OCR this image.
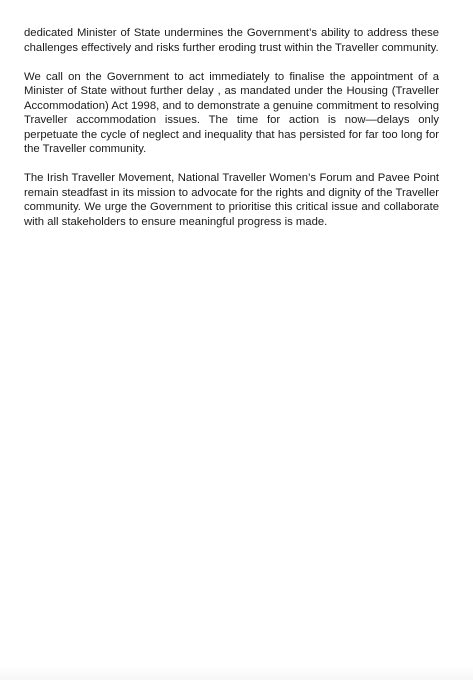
dedicated Minister of State undermines the Government’s ability to address these challenges effectively and risks further eroding trust within the Traveller community.

We call on the Government to act immediately to finalise the appointment of a Minister of State without further delay , as mandated under the Housing (Traveller Accommodation) Act 1998, and to demonstrate a genuine commitment to resolving Traveller accommodation issues. The time for action is now—delays only perpetuate the cycle of neglect and inequality that has persisted for far too long for  the Traveller community.

The Irish Traveller Movement, National Traveller Women’s Forum and Pavee Point remain steadfast in its mission to advocate for the rights and dignity of the Traveller community. We urge the Government to prioritise this critical issue and collaborate with all stakeholders to ensure meaningful progress is made.
